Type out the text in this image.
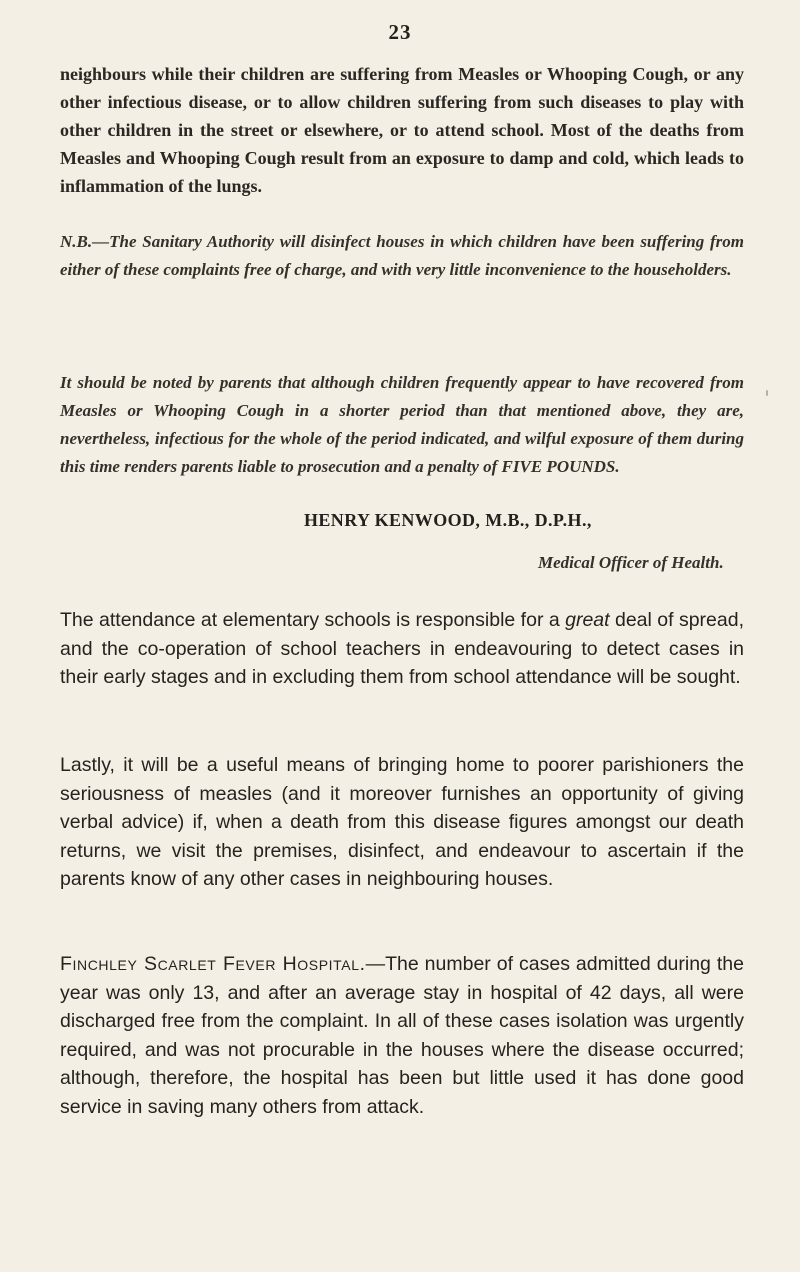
23

neighbours while their children are suffering from Measles or Whooping Cough, or any other infectious disease, or to allow children suffering from such diseases to play with other children in the street or elsewhere, or to attend school. Most of the deaths from Measles and Whooping Cough result from an exposure to damp and cold, which leads to inflammation of the lungs.

N.B.—The Sanitary Authority will disinfect houses in which children have been suffering from either of these complaints free of charge, and with very little inconvenience to the householders.

It should be noted by parents that although children frequently appear to have recovered from Measles or Whooping Cough in a shorter period than that mentioned above, they are, nevertheless, infectious for the whole of the period indicated, and wilful exposure of them during this time renders parents liable to prosecution and a penalty of FIVE POUNDS.

HENRY KENWOOD, M.B., D.P.H.,
Medical Officer of Health.

The attendance at elementary schools is responsible for a great deal of spread, and the co-operation of school teachers in endeavouring to detect cases in their early stages and in excluding them from school attendance will be sought.

Lastly, it will be a useful means of bringing home to poorer parishioners the seriousness of measles (and it moreover furnishes an opportunity of giving verbal advice) if, when a death from this disease figures amongst our death returns, we visit the premises, disinfect, and endeavour to ascertain if the parents know of any other cases in neighbouring houses.

Finchley Scarlet Fever Hospital.—The number of cases admitted during the year was only 13, and after an average stay in hospital of 42 days, all were discharged free from the complaint. In all of these cases isolation was urgently required, and was not procurable in the houses where the disease occurred; although, therefore, the hospital has been but little used it has done good service in saving many others from attack.
